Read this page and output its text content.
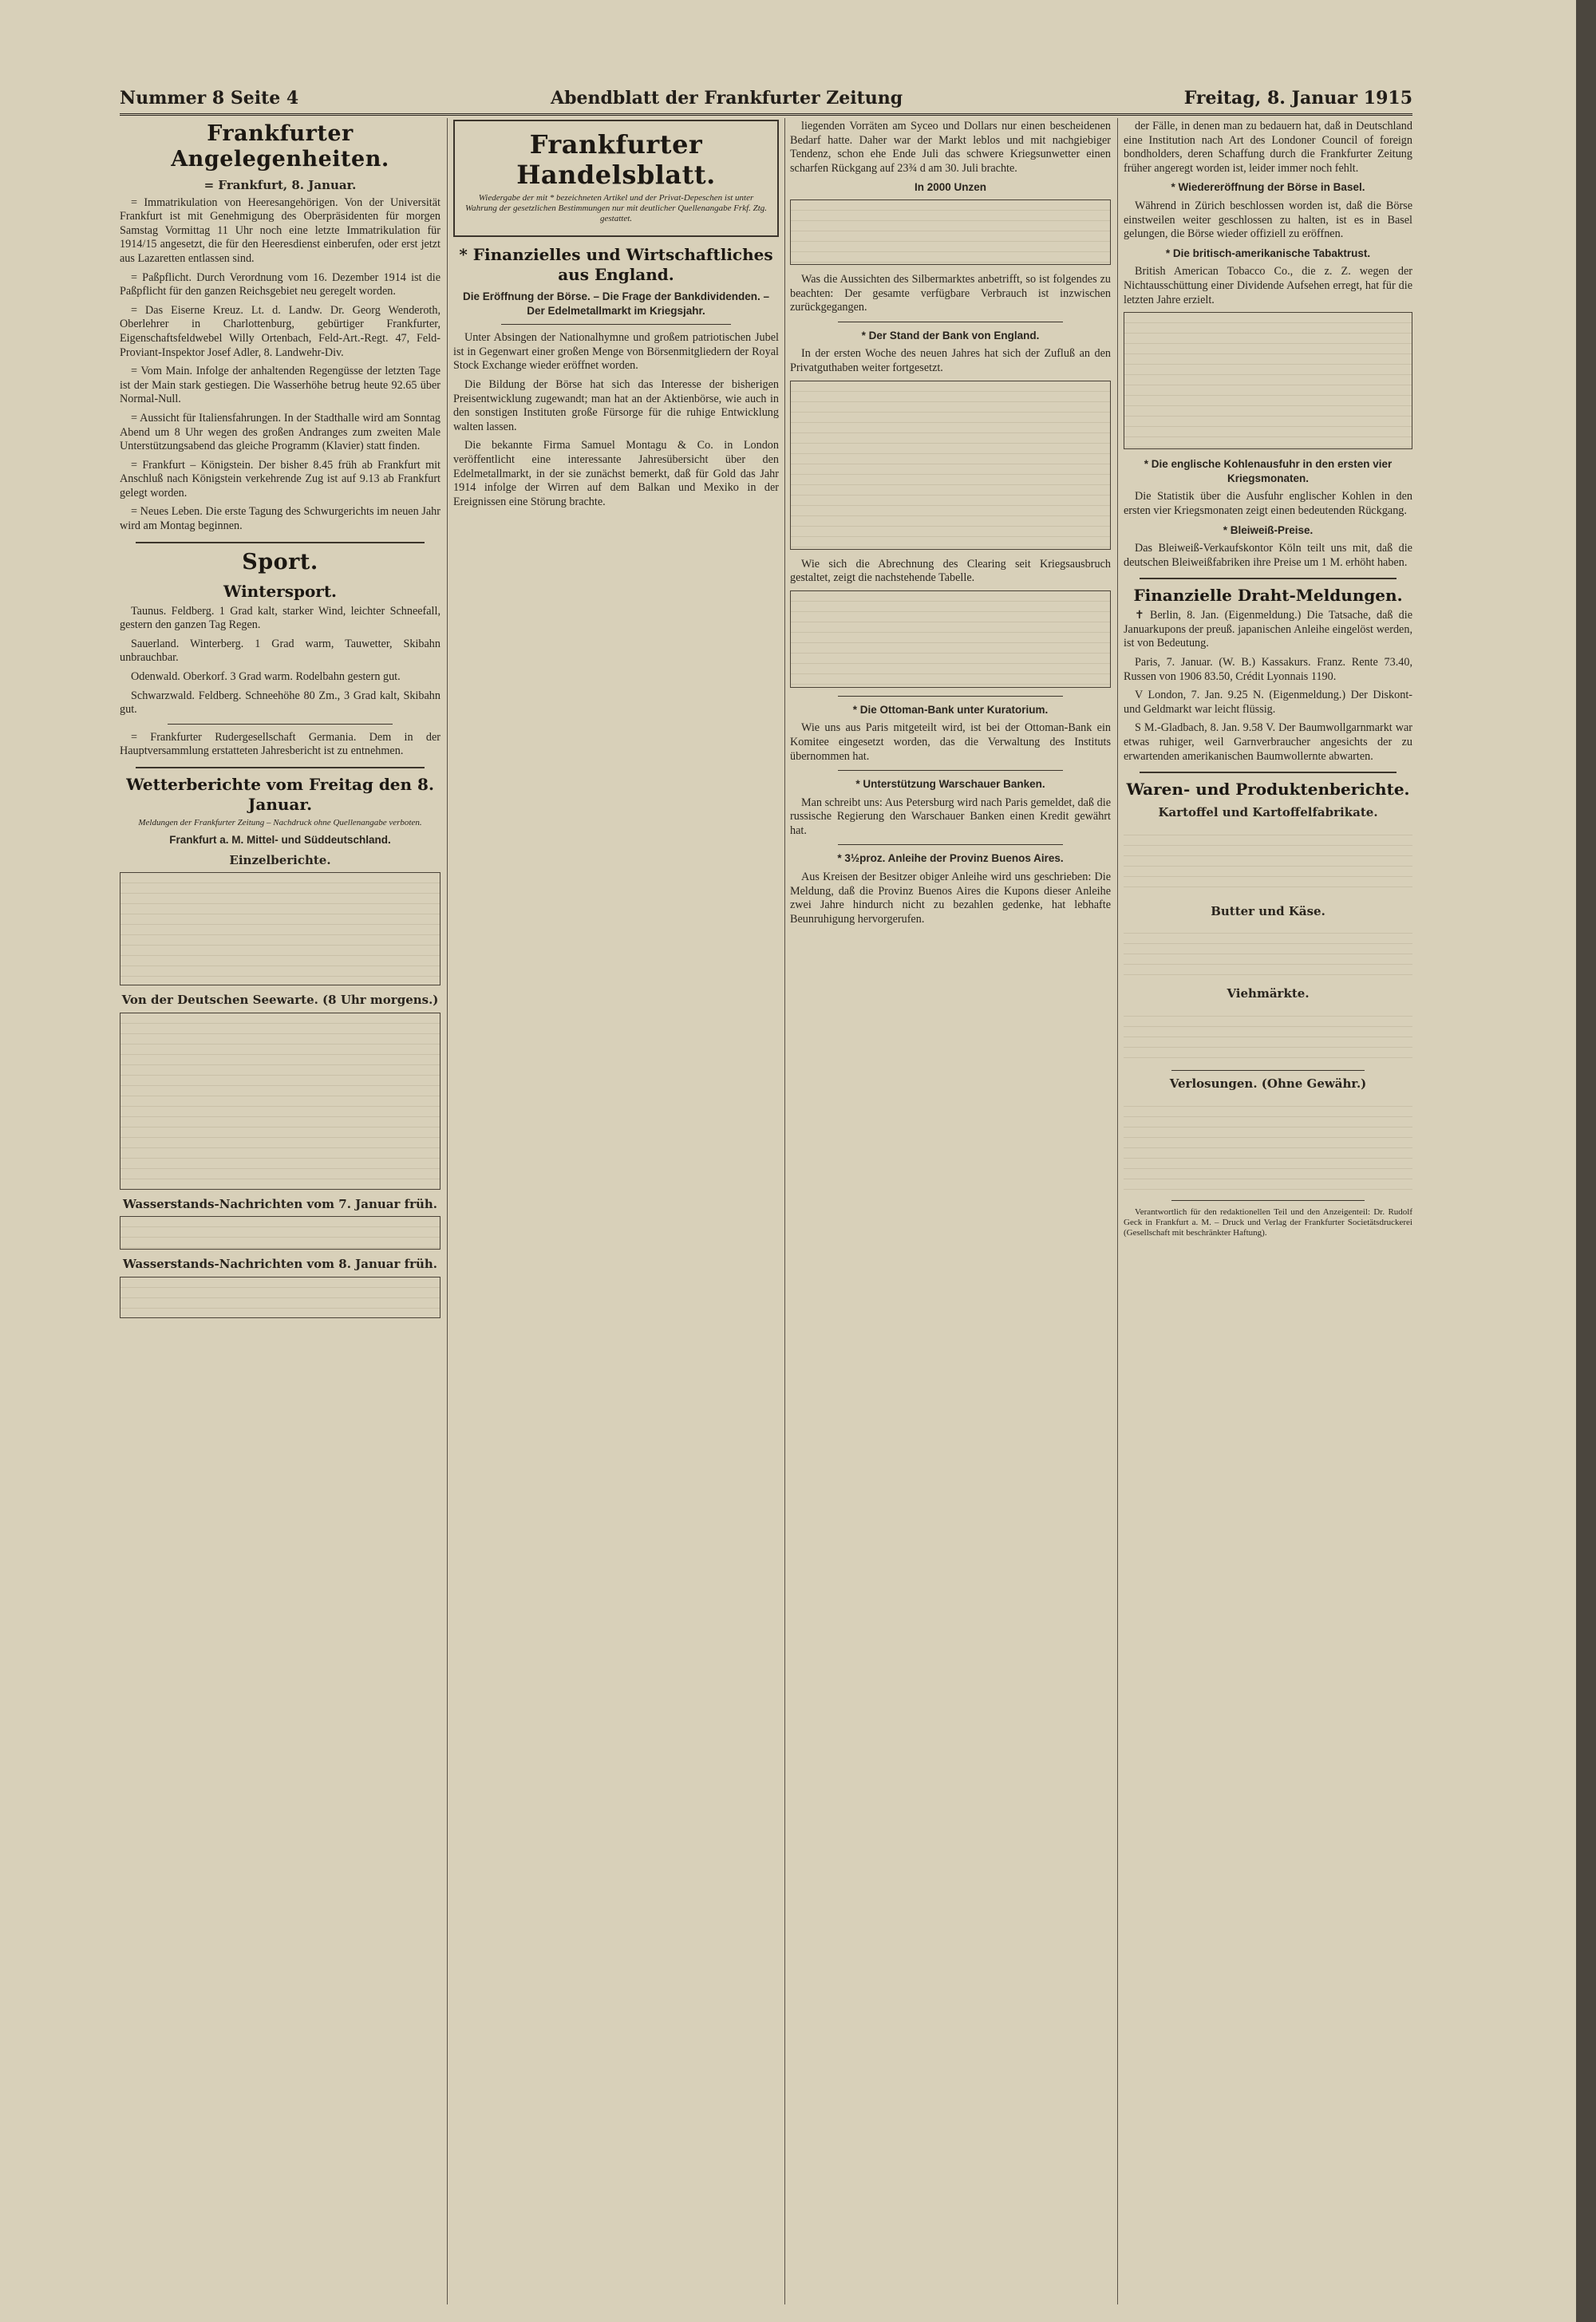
Nummer 8 Seite 4	Abendblatt der Frankfurter Zeitung	Freitag, 8. Januar 1915
Frankfurter Angelegenheiten.
= Frankfurt, 8. Januar.

= Immatrikulation von Heeresangehörigen. Von der Universität Frankfurt ist mit Genehmigung des Oberpräsidenten für morgen Samstag Vormittag 11 Uhr noch eine letzte Immatrikulation für 1914/15 angesetzt, die für den Heeresdienst einberufen, oder erst jetzt aus Lazaretten entlassen sind.

= Paßpflicht. Durch Verordnung vom 16. Dezember 1914 ist die Paßpflicht für den ganzen Reichsgebiet neu geregelt worden.

= Das Eiserne Kreuz. Lt. d. Landw. Dr. Georg Wenderoth, Oberlehrer in Charlottenburg, gebürtiger Frankfurter, Eigenschaftsfeldwebel Willy Ortenbach, Feld-Art.-Regt. 47, Feld-Proviant-Inspektor Josef Adler, 8. Landwehr-Div.

= Vom Main. Infolge der anhaltenden Regengüsse der letzten Tage ist der Main stark gestiegen. Die Wasserhöhe betrug heute 92.65 über Normal-Null.

= Aussicht für Italiensfahrungen. In der Stadthalle wird am Sonntag Abend um 8 Uhr wegen des großen Andranges zum zweiten Male Unterstützungsabend das gleiche Programm (Klavier) statt finden.

= Frankfurt – Königstein. Der bisher 8.45 früh ab Frankfurt mit Anschluß nach Königstein verkehrende Zug ist auf 9.13 ab Frankfurt gelegt worden.

= Neues Leben. Die erste Tagung des Schwurgerichts im neuen Jahr wird am Montag beginnen.

Sport.
Wintersport.

Taunus. Feldberg. 1 Grad kalt, starker Wind, leichter Schneefall, gestern den ganzen Tag Regen.

Sauerland. Winterberg. 1 Grad warm, Tauwetter, Skibahn unbrauchbar.

Odenwald. Oberkorf. 3 Grad warm. Rodelbahn gestern gut.

Schwarzwald. Feldberg. Schneehöhe 80 Zm., 3 Grad kalt, Skibahn gut.

= Frankfurter Rudergesellschaft Germania. Dem in der Hauptversammlung erstatteten Jahresbericht ist zu entnehmen.

Wetterberichte vom Freitag den 8. Januar.
Meldungen der Frankfurter Zeitung – Nachdruck ohne Quellenangabe verboten.
Frankfurt a. M. Mittel- und Süddeutschland.
Einzelberichte.
Von der Deutschen Seewarte. (8 Uhr morgens.)
Wasserstands-Nachrichten vom 7. Januar früh.
Wasserstands-Nachrichten vom 8. Januar früh.
Frankfurter Handelsblatt.
Wiedergabe der mit * bezeichneten Artikel und der Privat-Depeschen ist unter Wahrung der gesetzlichen Bestimmungen nur mit deutlicher Quellenangabe Frkf. Ztg. gestattet.
* Finanzielles und Wirtschaftliches aus England.
Die Eröffnung der Börse. – Die Frage der Bankdividenden. – Der Edelmetallmarkt im Kriegsjahr.

Unter Absingen der Nationalhymne und großem patriotischen Jubel ist in Gegenwart einer großen Menge von Börsenmitgliedern der Royal Stock Exchange wieder eröffnet worden.

Die Bildung der Börse hat sich das Interesse der bisherigen Preisentwicklung zugewandt; man hat an der Aktienbörse, wie auch in den sonstigen Instituten große Fürsorge für die ruhige Entwicklung walten lassen.

Die bekannte Firma Samuel Montagu & Co. in London veröffentlicht eine interessante Jahresübersicht über den Edelmetallmarkt, in der sie zunächst bemerkt, daß für Gold das Jahr 1914 infolge der Wirren auf dem Balkan und Mexiko in der Ereignissen eine Störung brachte.

liegenden Vorräten am Syceo und Dollars nur einen bescheidenen Bedarf hatte. Daher war der Markt leblos und mit nachgiebiger Tendenz, schon ehe Ende Juli das schwere Kriegsunwetter einen scharfen Rückgang auf 23¾ d am 30. Juli brachte.

In 2000 Unzen

Was die Aussichten des Silbermarktes anbetrifft, so ist folgendes zu beachten: Der gesamte verfügbare Verbrauch ist inzwischen zurückgegangen.

* Der Stand der Bank von England.

In der ersten Woche des neuen Jahres hat sich der Zufluß an den Privatguthaben weiter fortgesetzt.

Wie sich die Abrechnung des Clearing seit Kriegsausbruch gestaltet, zeigt die nachstehende Tabelle.

* Die Ottoman-Bank unter Kuratorium.

Wie uns aus Paris mitgeteilt wird, ist bei der Ottoman-Bank ein Komitee eingesetzt worden, das die Verwaltung des Instituts übernommen hat.

* Unterstützung Warschauer Banken.

Man schreibt uns: Aus Petersburg wird nach Paris gemeldet, daß die russische Regierung den Warschauer Banken einen Kredit gewährt hat.

* 3½proz. Anleihe der Provinz Buenos Aires.

Aus Kreisen der Besitzer obiger Anleihe wird uns geschrieben: Die Meldung, daß die Provinz Buenos Aires die Kupons dieser Anleihe zwei Jahre hindurch nicht zu bezahlen gedenke, hat lebhafte Beunruhigung hervorgerufen.

der Fälle, in denen man zu bedauern hat, daß in Deutschland eine Institution nach Art des Londoner Council of foreign bondholders, deren Schaffung durch die Frankfurter Zeitung früher angeregt worden ist, leider immer noch fehlt.

* Wiedereröffnung der Börse in Basel.

Während in Zürich beschlossen worden ist, daß die Börse einstweilen weiter geschlossen zu halten, ist es in Basel gelungen, die Börse wieder offiziell zu eröffnen.

* Die britisch-amerikanische Tabaktrust.

British American Tobacco Co., die z. Z. wegen der Nichtausschüttung einer Dividende Aufsehen erregt, hat für die letzten Jahre erzielt.

* Die englische Kohlenausfuhr in den ersten vier Kriegsmonaten.

Die Statistik über die Ausfuhr englischer Kohlen in den ersten vier Kriegsmonaten zeigt einen bedeutenden Rückgang.

* Bleiweiß-Preise.

Das Bleiweiß-Verkaufskontor Köln teilt uns mit, daß die deutschen Bleiweißfabriken ihre Preise um 1 M. erhöht haben.

Finanzielle Draht-Meldungen.

✝ Berlin, 8. Jan. (Eigenmeldung.) Die Tatsache, daß die Januarkupons der preuß. japanischen Anleihe eingelöst werden, ist von Bedeutung.

Paris, 7. Januar. (W. B.) Kassakurs. Franz. Rente 73.40, Russen von 1906 83.50, Crédit Lyonnais 1190.

V London, 7. Jan. 9.25 N. (Eigenmeldung.) Der Diskont- und Geldmarkt war leicht flüssig.

S M.-Gladbach, 8. Jan. 9.58 V. Der Baumwollgarnmarkt war etwas ruhiger, weil Garnverbraucher angesichts der zu erwartenden amerikanischen Baumwollernte abwarten.

Waren- und Produktenberichte.
Kartoffel und Kartoffelfabrikate.
Butter und Käse.
Viehmärkte.
Verlosungen. (Ohne Gewähr.)

Verantwortlich für den redaktionellen Teil und den Anzeigenteil: Dr. Rudolf Geck in Frankfurt a. M. – Druck und Verlag der Frankfurter Societätsdruckerei (Gesellschaft mit beschränkter Haftung).
